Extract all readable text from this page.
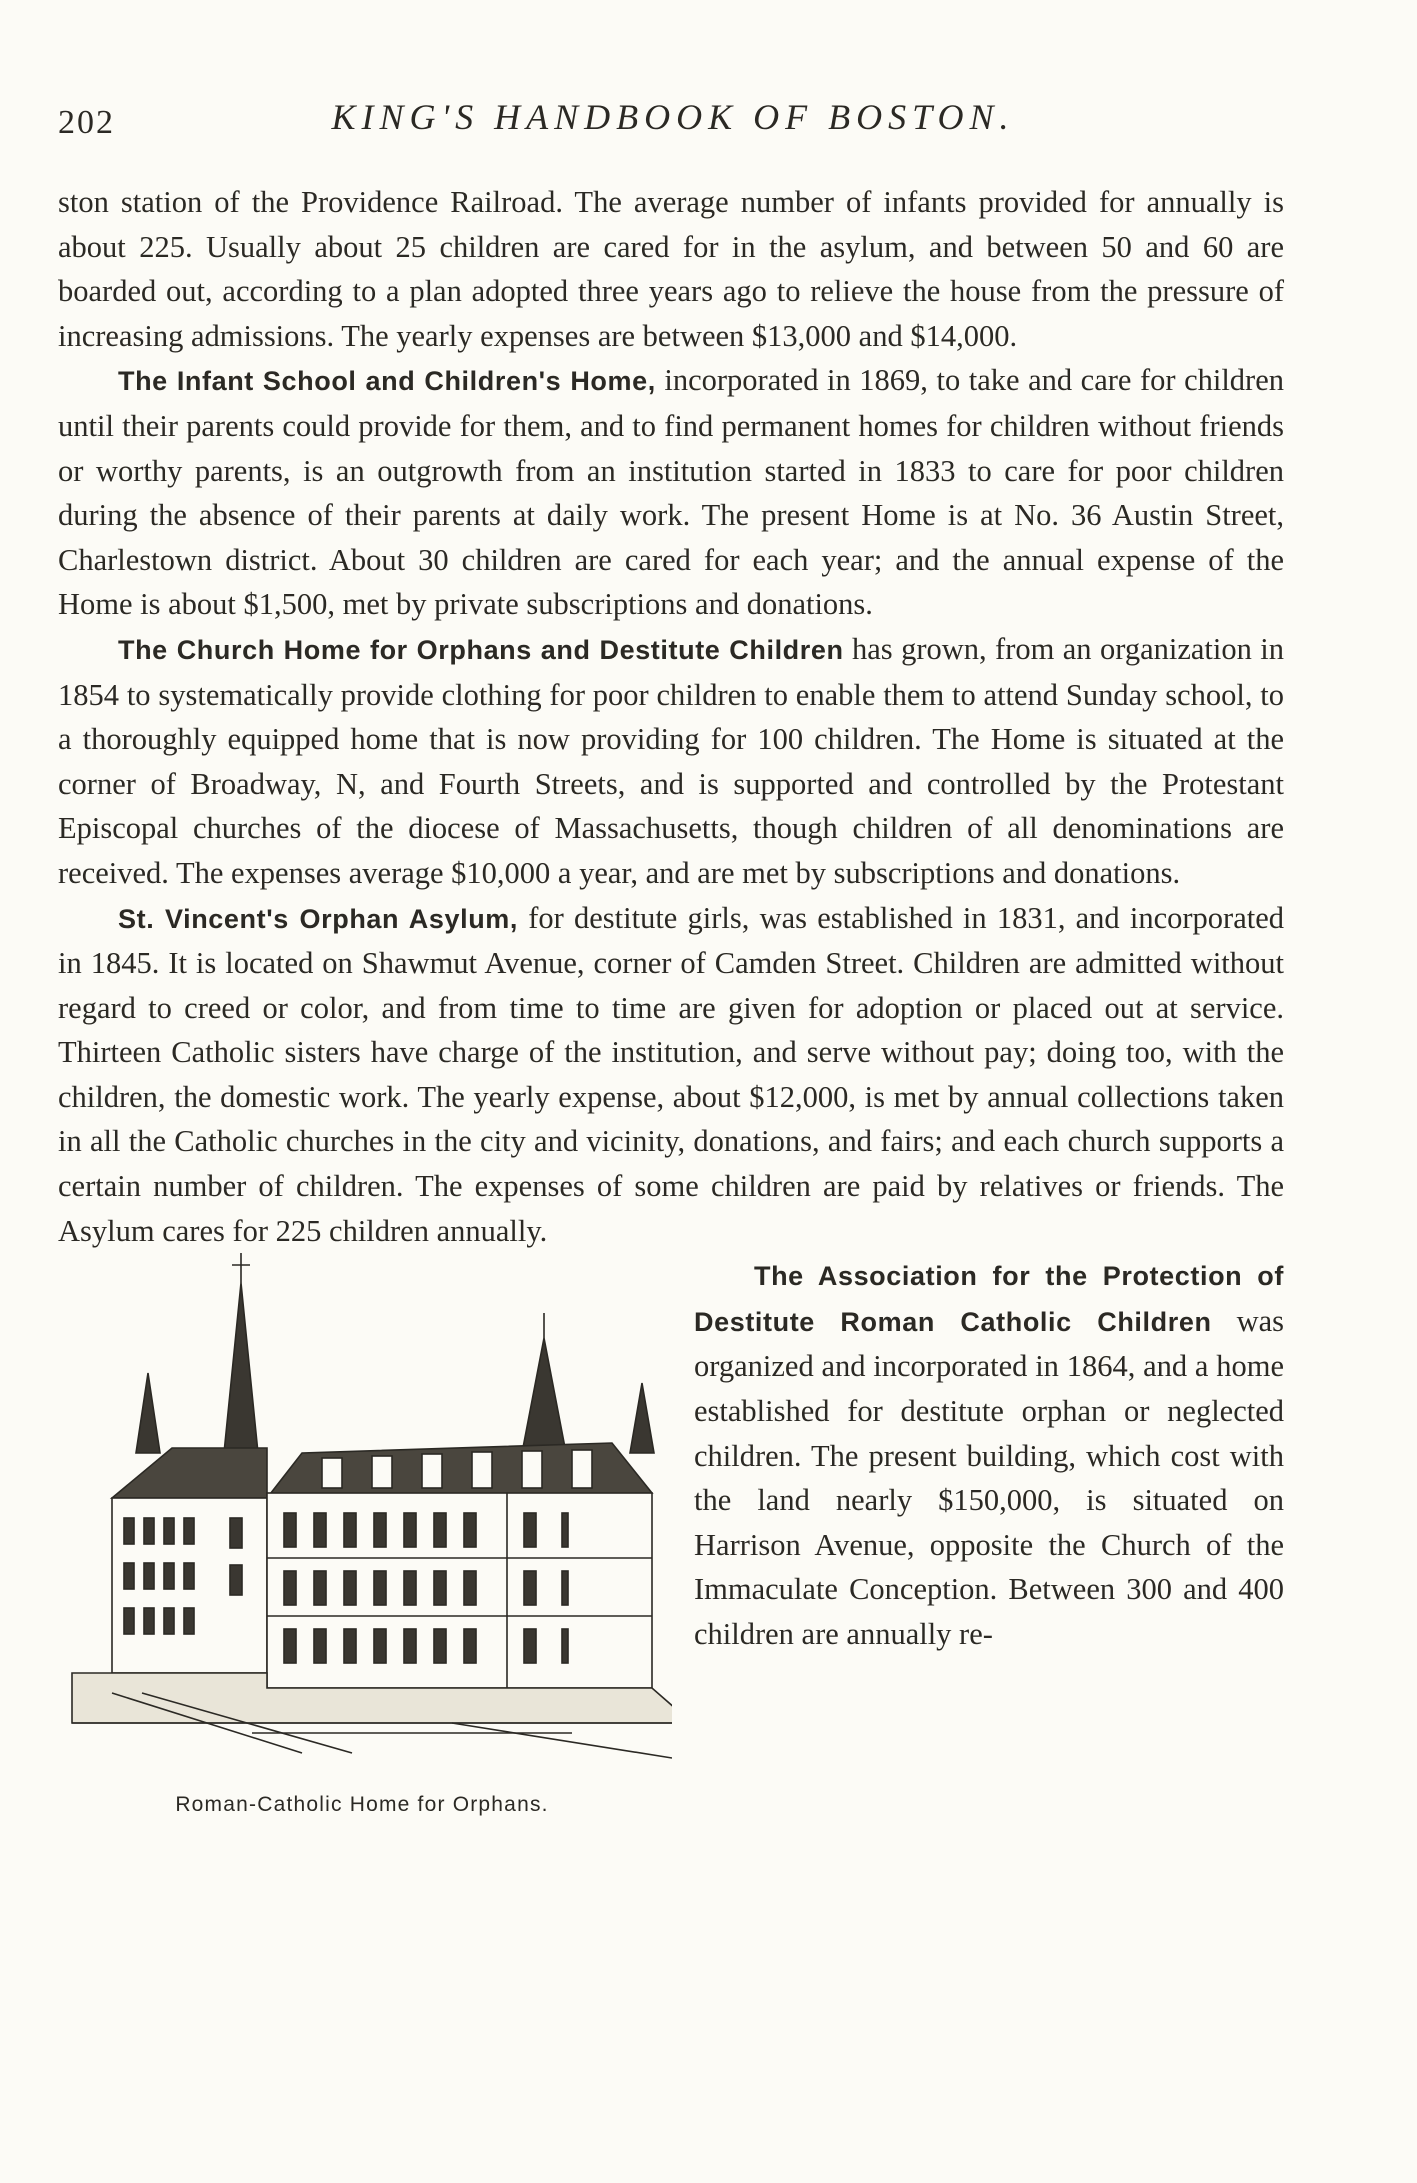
202	KING'S HANDBOOK OF BOSTON.

ston station of the Providence Railroad. The average number of infants provided for annually is about 225. Usually about 25 children are cared for in the asylum, and between 50 and 60 are boarded out, according to a plan adopted three years ago to relieve the house from the pressure of increasing admissions. The yearly expenses are between $13,000 and $14,000.

The Infant School and Children's Home, incorporated in 1869, to take and care for children until their parents could provide for them, and to find permanent homes for children without friends or worthy parents, is an outgrowth from an institution started in 1833 to care for poor children during the absence of their parents at daily work. The present Home is at No. 36 Austin Street, Charlestown district. About 30 children are cared for each year; and the annual expense of the Home is about $1,500, met by private subscriptions and donations.

The Church Home for Orphans and Destitute Children has grown, from an organization in 1854 to systematically provide clothing for poor children to enable them to attend Sunday school, to a thoroughly equipped home that is now providing for 100 children. The Home is situated at the corner of Broadway, N, and Fourth Streets, and is supported and controlled by the Protestant Episcopal churches of the diocese of Massachusetts, though children of all denominations are received. The expenses average $10,000 a year, and are met by subscriptions and donations.

St. Vincent's Orphan Asylum, for destitute girls, was established in 1831, and incorporated in 1845. It is located on Shawmut Avenue, corner of Camden Street. Children are admitted without regard to creed or color, and from time to time are given for adoption or placed out at service. Thirteen Catholic sisters have charge of the institution, and serve without pay; doing too, with the children, the domestic work. The yearly expense, about $12,000, is met by annual collections taken in all the Catholic churches in the city and vicinity, donations, and fairs; and each church supports a certain number of children. The expenses of some children are paid by relatives or friends. The Asylum cares for 225 children annually.

Roman-Catholic Home for Orphans.

The Association for the Protection of Destitute Roman Catholic Children was organized and incorporated in 1864, and a home established for destitute orphan or neglected children. The present building, which cost with the land nearly $150,000, is situated on Harrison Avenue, opposite the Church of the Immaculate Conception. Between 300 and 400 children are annually re-
